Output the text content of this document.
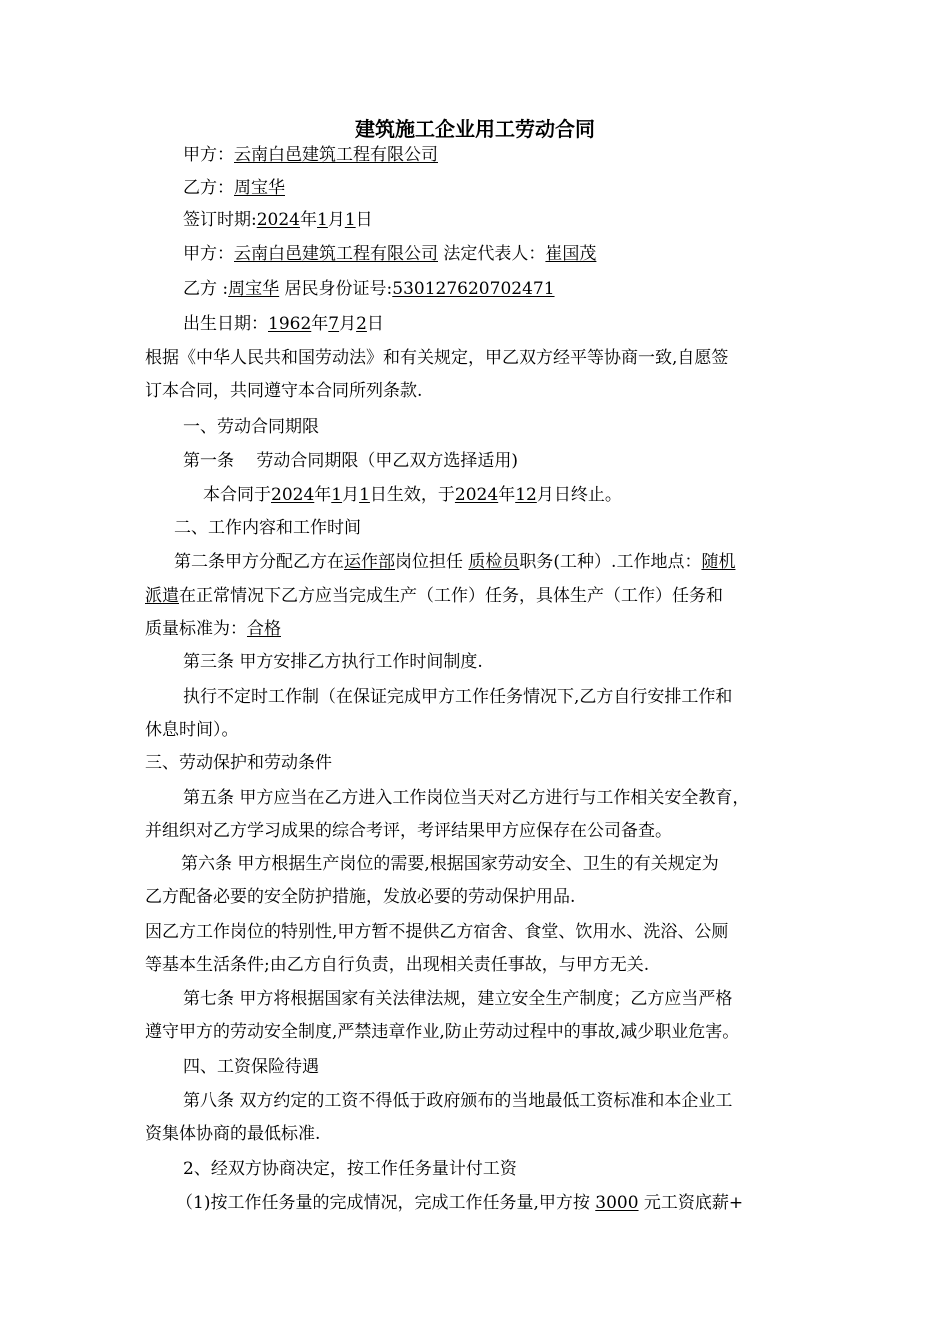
建筑施工企业用工劳动合同
甲方：云南白邑建筑工程有限公司
乙方：周宝华
签订时期:2024年1月1日
甲方：云南白邑建筑工程有限公司 法定代表人：崔国茂
乙方 :周宝华 居民身份证号:530127620702471
出生日期：1962年7月2日
根据《中华人民共和国劳动法》和有关规定，甲乙双方经平等协商一致,自愿签
订本合同，共同遵守本合同所列条款.
一、劳动合同期限
第一条　 劳动合同期限（甲乙双方选择适用)
本合同于2024年1月1日生效，于2024年12月日终止。
二、工作内容和工作时间
第二条甲方分配乙方在运作部岗位担任 质检员职务(工种）.工作地点：随机
派遣在正常情况下乙方应当完成生产（工作）任务，具体生产（工作）任务和
质量标准为：合格
第三条 甲方安排乙方执行工作时间制度.
执行不定时工作制（在保证完成甲方工作任务情况下,乙方自行安排工作和
休息时间）。
三、劳动保护和劳动条件
第五条 甲方应当在乙方进入工作岗位当天对乙方进行与工作相关安全教育，
并组织对乙方学习成果的综合考评，考评结果甲方应保存在公司备查。
第六条 甲方根据生产岗位的需要,根据国家劳动安全、卫生的有关规定为
乙方配备必要的安全防护措施，发放必要的劳动保护用品.
因乙方工作岗位的特别性,甲方暂不提供乙方宿舍、食堂、饮用水、洗浴、公厕
等基本生活条件;由乙方自行负责，出现相关责任事故，与甲方无关.
第七条 甲方将根据国家有关法律法规，建立安全生产制度；乙方应当严格
遵守甲方的劳动安全制度,严禁违章作业,防止劳动过程中的事故,减少职业危害。
四、工资保险待遇
第八条 双方约定的工资不得低于政府颁布的当地最低工资标准和本企业工
资集体协商的最低标准.
2、经双方协商决定，按工作任务量计付工资
（1)按工作任务量的完成情况，完成工作任务量,甲方按 3000 元工资底薪+
